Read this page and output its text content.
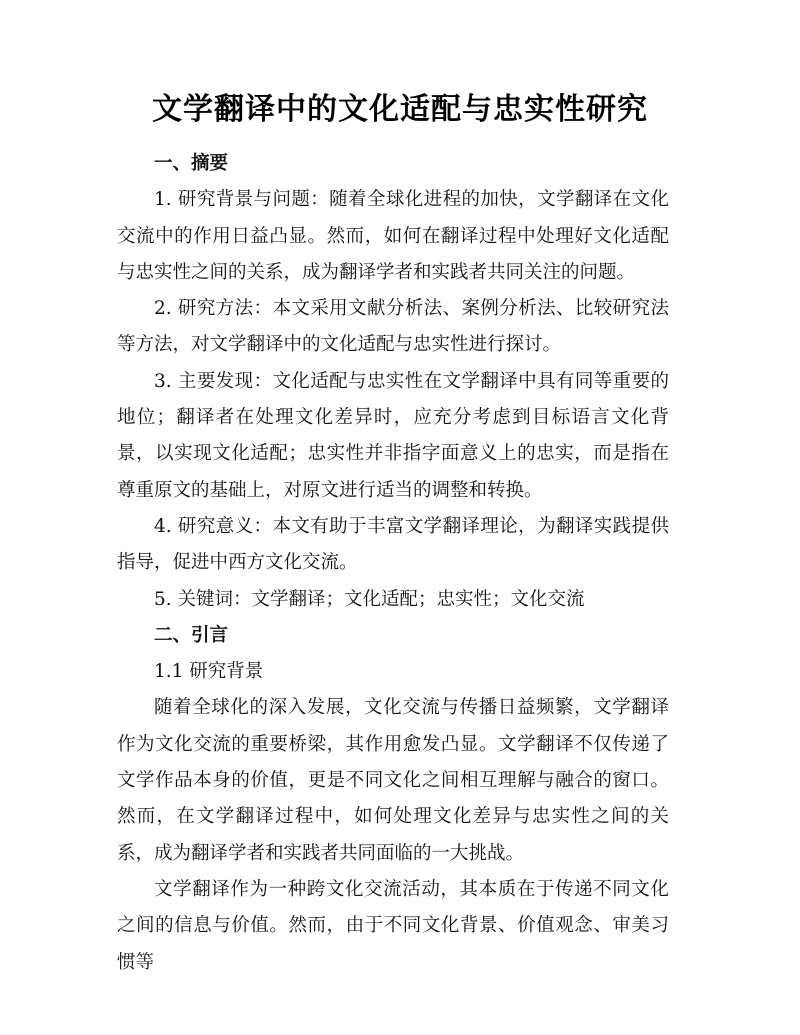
文学翻译中的文化适配与忠实性研究

一、摘要

1. 研究背景与问题：随着全球化进程的加快，文学翻译在文化交流中的作用日益凸显。然而，如何在翻译过程中处理好文化适配与忠实性之间的关系，成为翻译学者和实践者共同关注的问题。

2. 研究方法：本文采用文献分析法、案例分析法、比较研究法等方法，对文学翻译中的文化适配与忠实性进行探讨。

3. 主要发现：文化适配与忠实性在文学翻译中具有同等重要的地位；翻译者在处理文化差异时，应充分考虑到目标语言文化背景，以实现文化适配；忠实性并非指字面意义上的忠实，而是指在尊重原文的基础上，对原文进行适当的调整和转换。

4. 研究意义：本文有助于丰富文学翻译理论，为翻译实践提供指导，促进中西方文化交流。

5. 关键词：文学翻译；文化适配；忠实性；文化交流

二、引言

1.1 研究背景

随着全球化的深入发展，文化交流与传播日益频繁，文学翻译作为文化交流的重要桥梁，其作用愈发凸显。文学翻译不仅传递了文学作品本身的价值，更是不同文化之间相互理解与融合的窗口。然而，在文学翻译过程中，如何处理文化差异与忠实性之间的关系，成为翻译学者和实践者共同面临的一大挑战。

文学翻译作为一种跨文化交流活动，其本质在于传递不同文化之间的信息与价值。然而，由于不同文化背景、价值观念、审美习惯等
